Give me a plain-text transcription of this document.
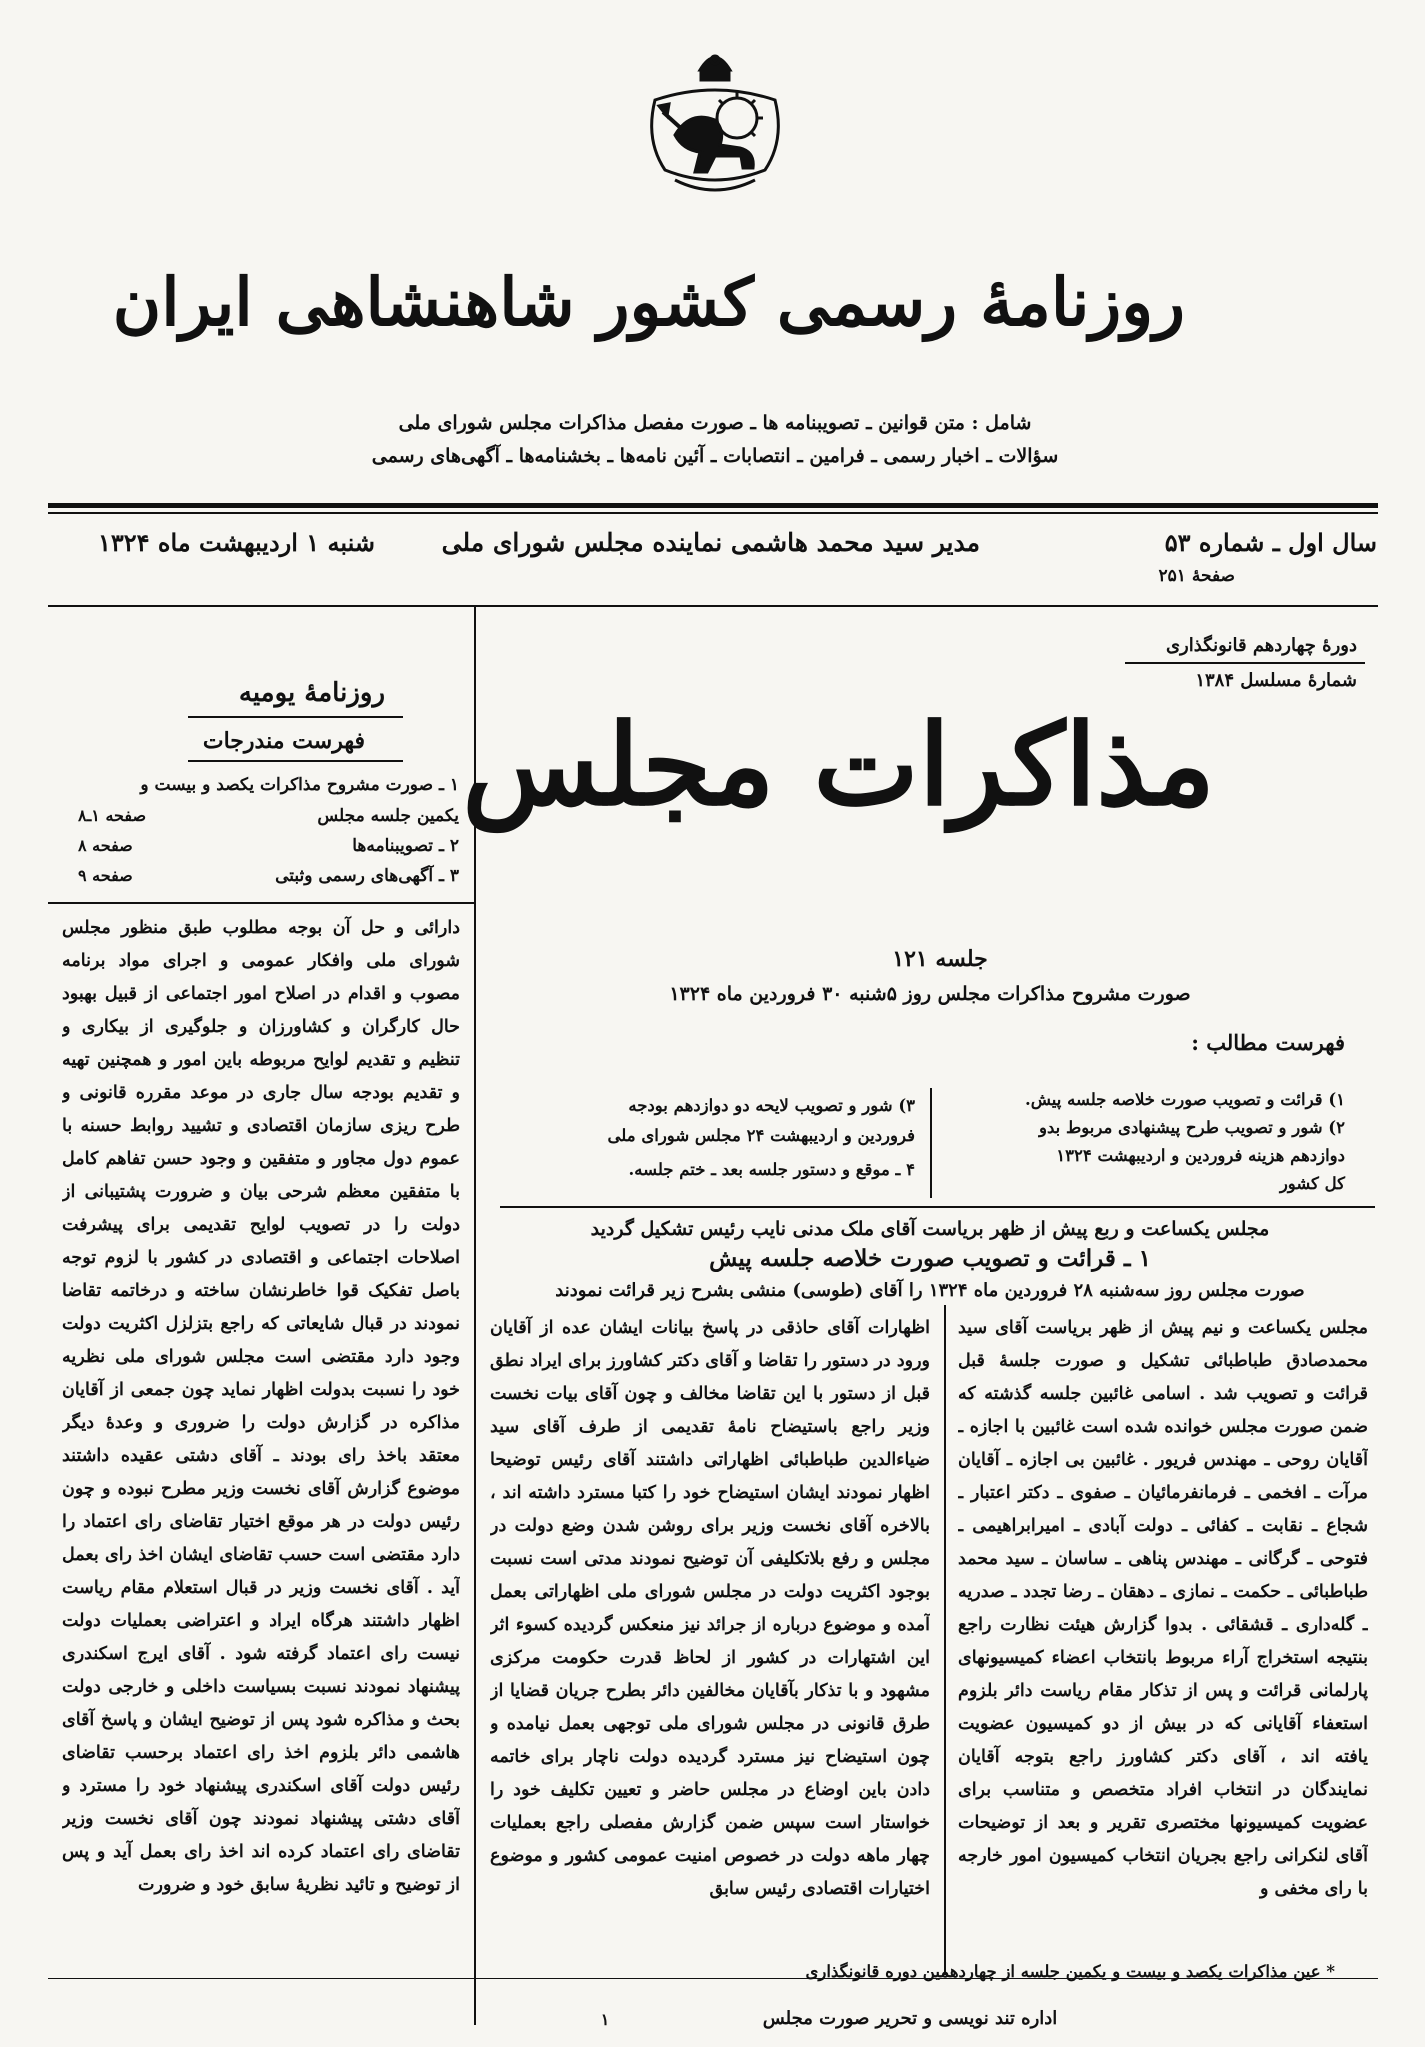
روزنامهٔ رسمی کشور شاهنشاهی ایران
شامل : متن قوانین ـ تصویبنامه ها ـ صورت مفصل مذاکرات مجلس شورای ملی
سؤالات ـ اخبار رسمی ـ فرامین ـ انتصابات ـ آئین نامه‌ها ـ بخشنامه‌ها ـ آگهی‌های رسمی
سال اول ـ شماره ۵۳
صفحهٔ ۲۵۱
مدیر سید محمد هاشمی نماینده مجلس شورای ملی
شنبه ۱ اردیبهشت ماه ۱۳۲۴
دورهٔ چهاردهم قانونگذاری
شمارهٔ مسلسل ۱۳۸۴
روزنامهٔ یومیه
فهرست مندرجات
۱ ـ صورت مشروح مذاکرات یکصد و بیست و
یکمین جلسه مجلس
صفحه ۱ـ۸
۲ ـ تصویبنامه‌ها
صفحه ۸
۳ ـ آگهی‌های رسمی وثبتی
صفحه ۹
دارائی و حل آن بوجه مطلوب طبق منظور مجلس شورای ملی وافکار عمومی و اجرای مواد برنامه مصوب و اقدام در اصلاح امور اجتماعی از قبیل بهبود حال کارگران و کشاورزان و جلوگیری از بیکاری و تنظیم و تقدیم لوایح مربوطه باین امور و همچنین تهیه و تقدیم بودجه سال جاری در موعد مقرره قانونی و طرح ریزی سازمان اقتصادی و تشیید روابط حسنه با عموم دول مجاور و متفقین و وجود حسن تفاهم کامل با متفقین معظم شرحی بیان و ضرورت پشتیبانی از دولت را در تصویب لوایح تقدیمی برای پیشرفت اصلاحات اجتماعی و اقتصادی در کشور با لزوم توجه باصل تفکیک قوا خاطرنشان ساخته و درخاتمه تقاضا نمودند در قبال شایعاتی که راجع بتزلزل اکثریت دولت وجود دارد مقتضی است مجلس شورای ملی نظریه خود را نسبت بدولت اظهار نماید چون جمعی از آقایان مذاکره در گزارش دولت را ضروری و وعدهٔ دیگر معتقد باخذ رای بودند ـ آقای دشتی عقیده داشتند موضوع گزارش آقای نخست وزیر مطرح نبوده و چون رئیس دولت در هر موقع اختیار تقاضای رای اعتماد را دارد مقتضی است حسب تقاضای ایشان اخذ رای بعمل آید . آقای نخست وزیر در قبال استعلام مقام ریاست اظهار داشتند هرگاه ایراد و اعتراضی بعملیات دولت نیست رای اعتماد گرفته شود . آقای ایرج اسکندری پیشنهاد نمودند نسبت بسیاست داخلی و خارجی دولت بحث و مذاکره شود پس از توضیح ایشان و پاسخ آقای هاشمی دائر بلزوم اخذ رای اعتماد برحسب تقاضای رئیس دولت آقای اسکندری پیشنهاد خود را مسترد و آقای دشتی پیشنهاد نمودند چون آقای نخست وزیر تقاضای رای اعتماد کرده اند اخذ رای بعمل آید و پس از توضیح و تائید نظریهٔ سابق خود و ضرورت
مذاکرات مجلس
جلسه ۱۲۱
صورت مشروح مذاکرات مجلس روز ۵شنبه ۳۰ فروردین ماه ۱۳۲۴
فهرست مطالب :
۱) قرائت و تصویب صورت خلاصه جلسه پیش.
۲) شور و تصویب طرح پیشنهادی مربوط بدو
دوازدهم هزینه فروردین و اردیبهشت ۱۳۲۴
کل کشور
۳) شور و تصویب لایحه دو دوازدهم بودجه
فروردین و اردیبهشت ۲۴ مجلس شورای ملی
۴ ـ موقع و دستور جلسه بعد ـ ختم جلسه.
مجلس یکساعت و ربع پیش از ظهر بریاست آقای ملک مدنی نایب رئیس تشکیل گردید
۱ ـ قرائت و تصویب صورت خلاصه جلسه پیش
صورت مجلس روز سه‌شنبه ۲۸ فروردین ماه ۱۳۲۴ را آقای (طوسی) منشی بشرح زیر قرائت نمودند
اظهارات آقای حاذقی در پاسخ بیانات ایشان عده‌ از آقایان ورود در دستور را تقاضا و آقای دکتر کشاورز برای ایراد نطق قبل از دستور با این تقاضا مخالف و چون آقای بیات نخست وزیر راجع باستیضاح نامهٔ تقدیمی از طرف آقای سید ضیاءالدین طباطبائی اظهاراتی داشتند آقای رئیس توضیحا اظهار نمودند ایشان استیضاح خود را کتبا مسترد داشته اند ، بالاخره آقای نخست وزیر برای روشن شدن وضع دولت در مجلس و رفع بلاتکلیفی آن توضیح نمودند مدتی است نسبت بوجود اکثریت دولت در مجلس شورای ملی اظهاراتی بعمل آمده و موضوع درباره از جرائد نیز منعکس گردیده کسوء اثر این اشتهارات در کشور از لحاظ قدرت حکومت مرکزی مشهود و با تذکار بآقایان مخالفین دائر بطرح جریان قضایا از طرق قانونی در مجلس شورای ملی توجهی بعمل نیامده و چون استیضاح نیز مسترد گردیده دولت ناچار برای خاتمه دادن باین اوضاع در مجلس حاضر و تعیین تکلیف خود را خواستار است سپس ضمن گزارش مفصلی راجع بعملیات چهار ماهه دولت در خصوص امنیت عمومی کشور و موضوع اختیارات اقتصادی رئیس سابق
مجلس یکساعت و نیم پیش از ظهر بریاست آقای سید محمدصادق طباطبائی تشکیل و صورت جلسهٔ قبل قرائت و تصویب شد . اسامی غائبین جلسه گذشته که ضمن صورت مجلس خوانده شده است غائبین با اجازه ـ آقایان روحی ـ مهندس فریور . غائبین بی اجازه ـ آقایان مرآت ـ افخمی ـ فرمانفرمائیان ـ صفوی ـ دکتر اعتبار ـ شجاع ـ نقابت ـ کفائی ـ دولت آبادی ـ امیرابراهیمی ـ فتوحی ـ گرگانی ـ مهندس پناهی ـ ساسان ـ سید محمد طباطبائی ـ حکمت ـ نمازی ـ دهقان ـ رضا تجدد ـ صدریه ـ گله‌داری ـ قشقائی . بدوا گزارش هیئت نظارت راجع بنتیجه استخراج آراء مربوط بانتخاب اعضاء کمیسیونهای پارلمانی قرائت و پس از تذکار مقام ریاست دائر بلزوم استعفاء آقایانی که در بیش از دو کمیسیون عضویت یافته اند ، آقای دکتر کشاورز راجع بتوجه آقایان نمایندگان در انتخاب افراد متخصص و متناسب برای عضویت کمیسیونها مختصری تقریر و بعد از توضیحات آقای لنکرانی راجع بجریان انتخاب کمیسیون امور خارجه با رای مخفی و
* عین مذاکرات یکصد و بیست و یکمین جلسه از چهاردهمین دوره قانونگذاری
۱	اداره تند نویسی و تحریر صورت مجلس
